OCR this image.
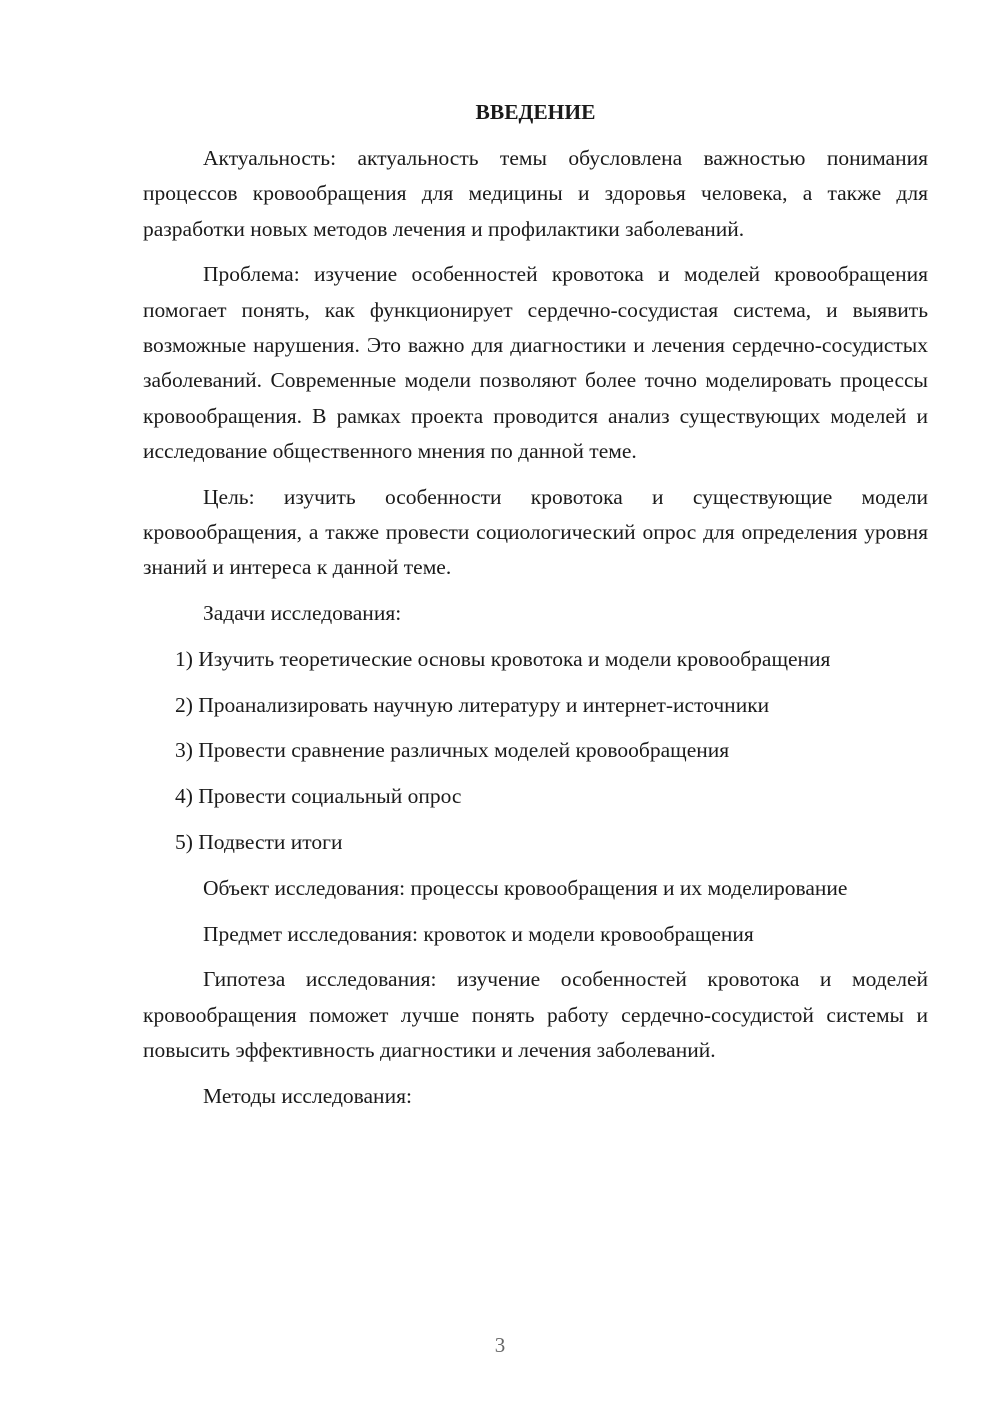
ВВЕДЕНИЕ

Актуальность: актуальность темы обусловлена важностью понимания процессов кровообращения для медицины и здоровья человека, а также для разработки новых методов лечения и профилактики заболеваний.

Проблема: изучение особенностей кровотока и моделей кровообращения помогает понять, как функционирует сердечно-сосудистая система, и выявить возможные нарушения. Это важно для диагностики и лечения сердечно-сосудистых заболеваний. Современные модели позволяют более точно моделировать процессы кровообращения. В рамках проекта проводится анализ существующих моделей и исследование общественного мнения по данной теме.

Цель: изучить особенности кровотока и существующие модели кровообращения, а также провести социологический опрос для определения уровня знаний и интереса к данной теме.

Задачи исследования:

1) Изучить теоретические основы кровотока и модели кровообращения

2) Проанализировать научную литературу и интернет-источники

3) Провести сравнение различных моделей кровообращения

4) Провести социальный опрос

5) Подвести итоги

Объект исследования: процессы кровообращения и их моделирование

Предмет исследования: кровоток и модели кровообращения

Гипотеза исследования: изучение особенностей кровотока и моделей кровообращения поможет лучше понять работу сердечно-сосудистой системы и повысить эффективность диагностики и лечения заболеваний.

Методы исследования:

3
